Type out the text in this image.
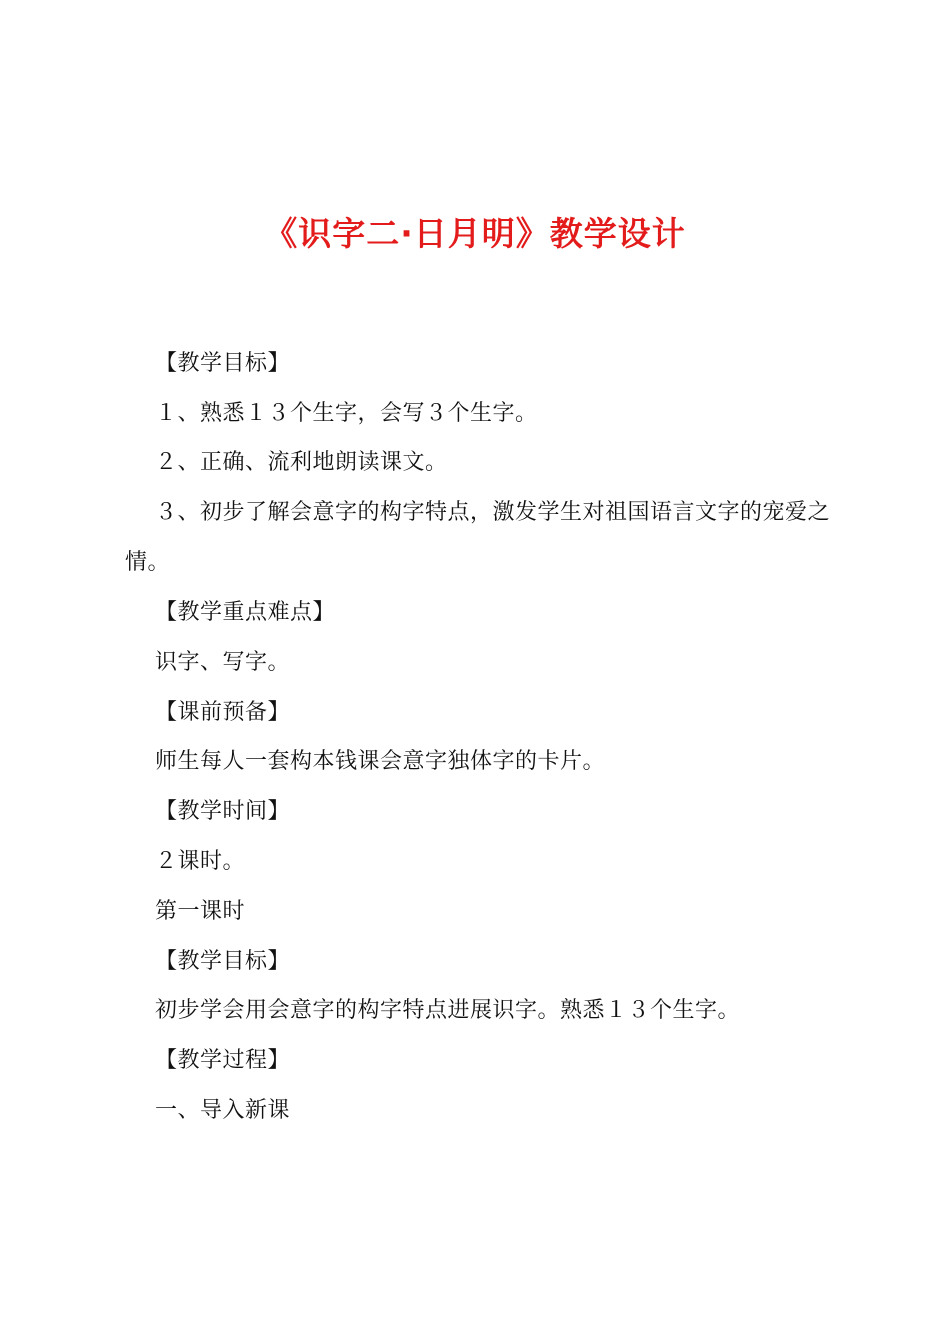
《识字二·日月明》教学设计
【教学目标】
１、熟悉１３个生字，会写３个生字。
２、正确、流利地朗读课文。
３、初步了解会意字的构字特点，激发学生对祖国语言文字的宠爱之
情。
【教学重点难点】
识字、写字。
【课前预备】
师生每人一套构本钱课会意字独体字的卡片。
【教学时间】
２课时。
第一课时
【教学目标】
初步学会用会意字的构字特点进展识字。熟悉１３个生字。
【教学过程】
一、导入新课
